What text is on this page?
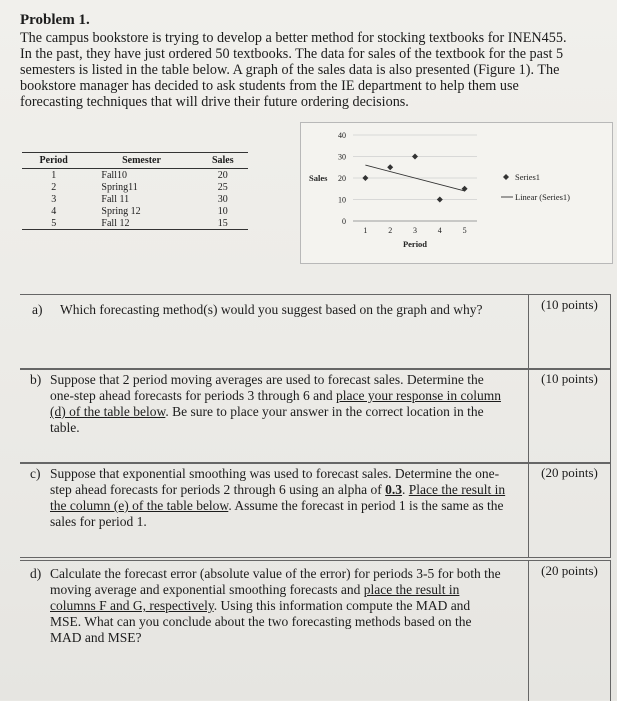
Problem 1.
The campus bookstore is trying to develop a better method for stocking textbooks for INEN455.
In the past, they have just ordered 50 textbooks. The data for sales of the textbook for the past 5
semesters is listed in the table below. A graph of the sales data is also presented (Figure 1). The
bookstore manager has decided to ask students from the IE department to help them use
forecasting techniques that will drive their future ordering decisions.
Period	Semester	Sales
1	Fall10	20
2	Spring11	25
3	Fall 11	30
4	Spring 12	10
5	Fall 12	15
40
30
20
10
0
1	2	3	4	5
Sales
Period
Series1
Linear (Series1)
(10 points)
a) Which forecasting method(s) would you suggest based on the graph and why?
(10 points)
b) Suppose that 2 period moving averages are used to forecast sales. Determine the
one-step ahead forecasts for periods 3 through 6 and place your response in column
(d) of the table below. Be sure to place your answer in the correct location in the
table.
(20 points)
c) Suppose that exponential smoothing was used to forecast sales. Determine the one-
step ahead forecasts for periods 2 through 6 using an alpha of 0.3. Place the result in
the column (e) of the table below. Assume the forecast in period 1 is the same as the
sales for period 1.
(20 points)
d) Calculate the forecast error (absolute value of the error) for periods 3-5 for both the
moving average and exponential smoothing forecasts and place the result in
columns F and G, respectively. Using this information compute the MAD and
MSE. What can you conclude about the two forecasting methods based on the
MAD and MSE?
